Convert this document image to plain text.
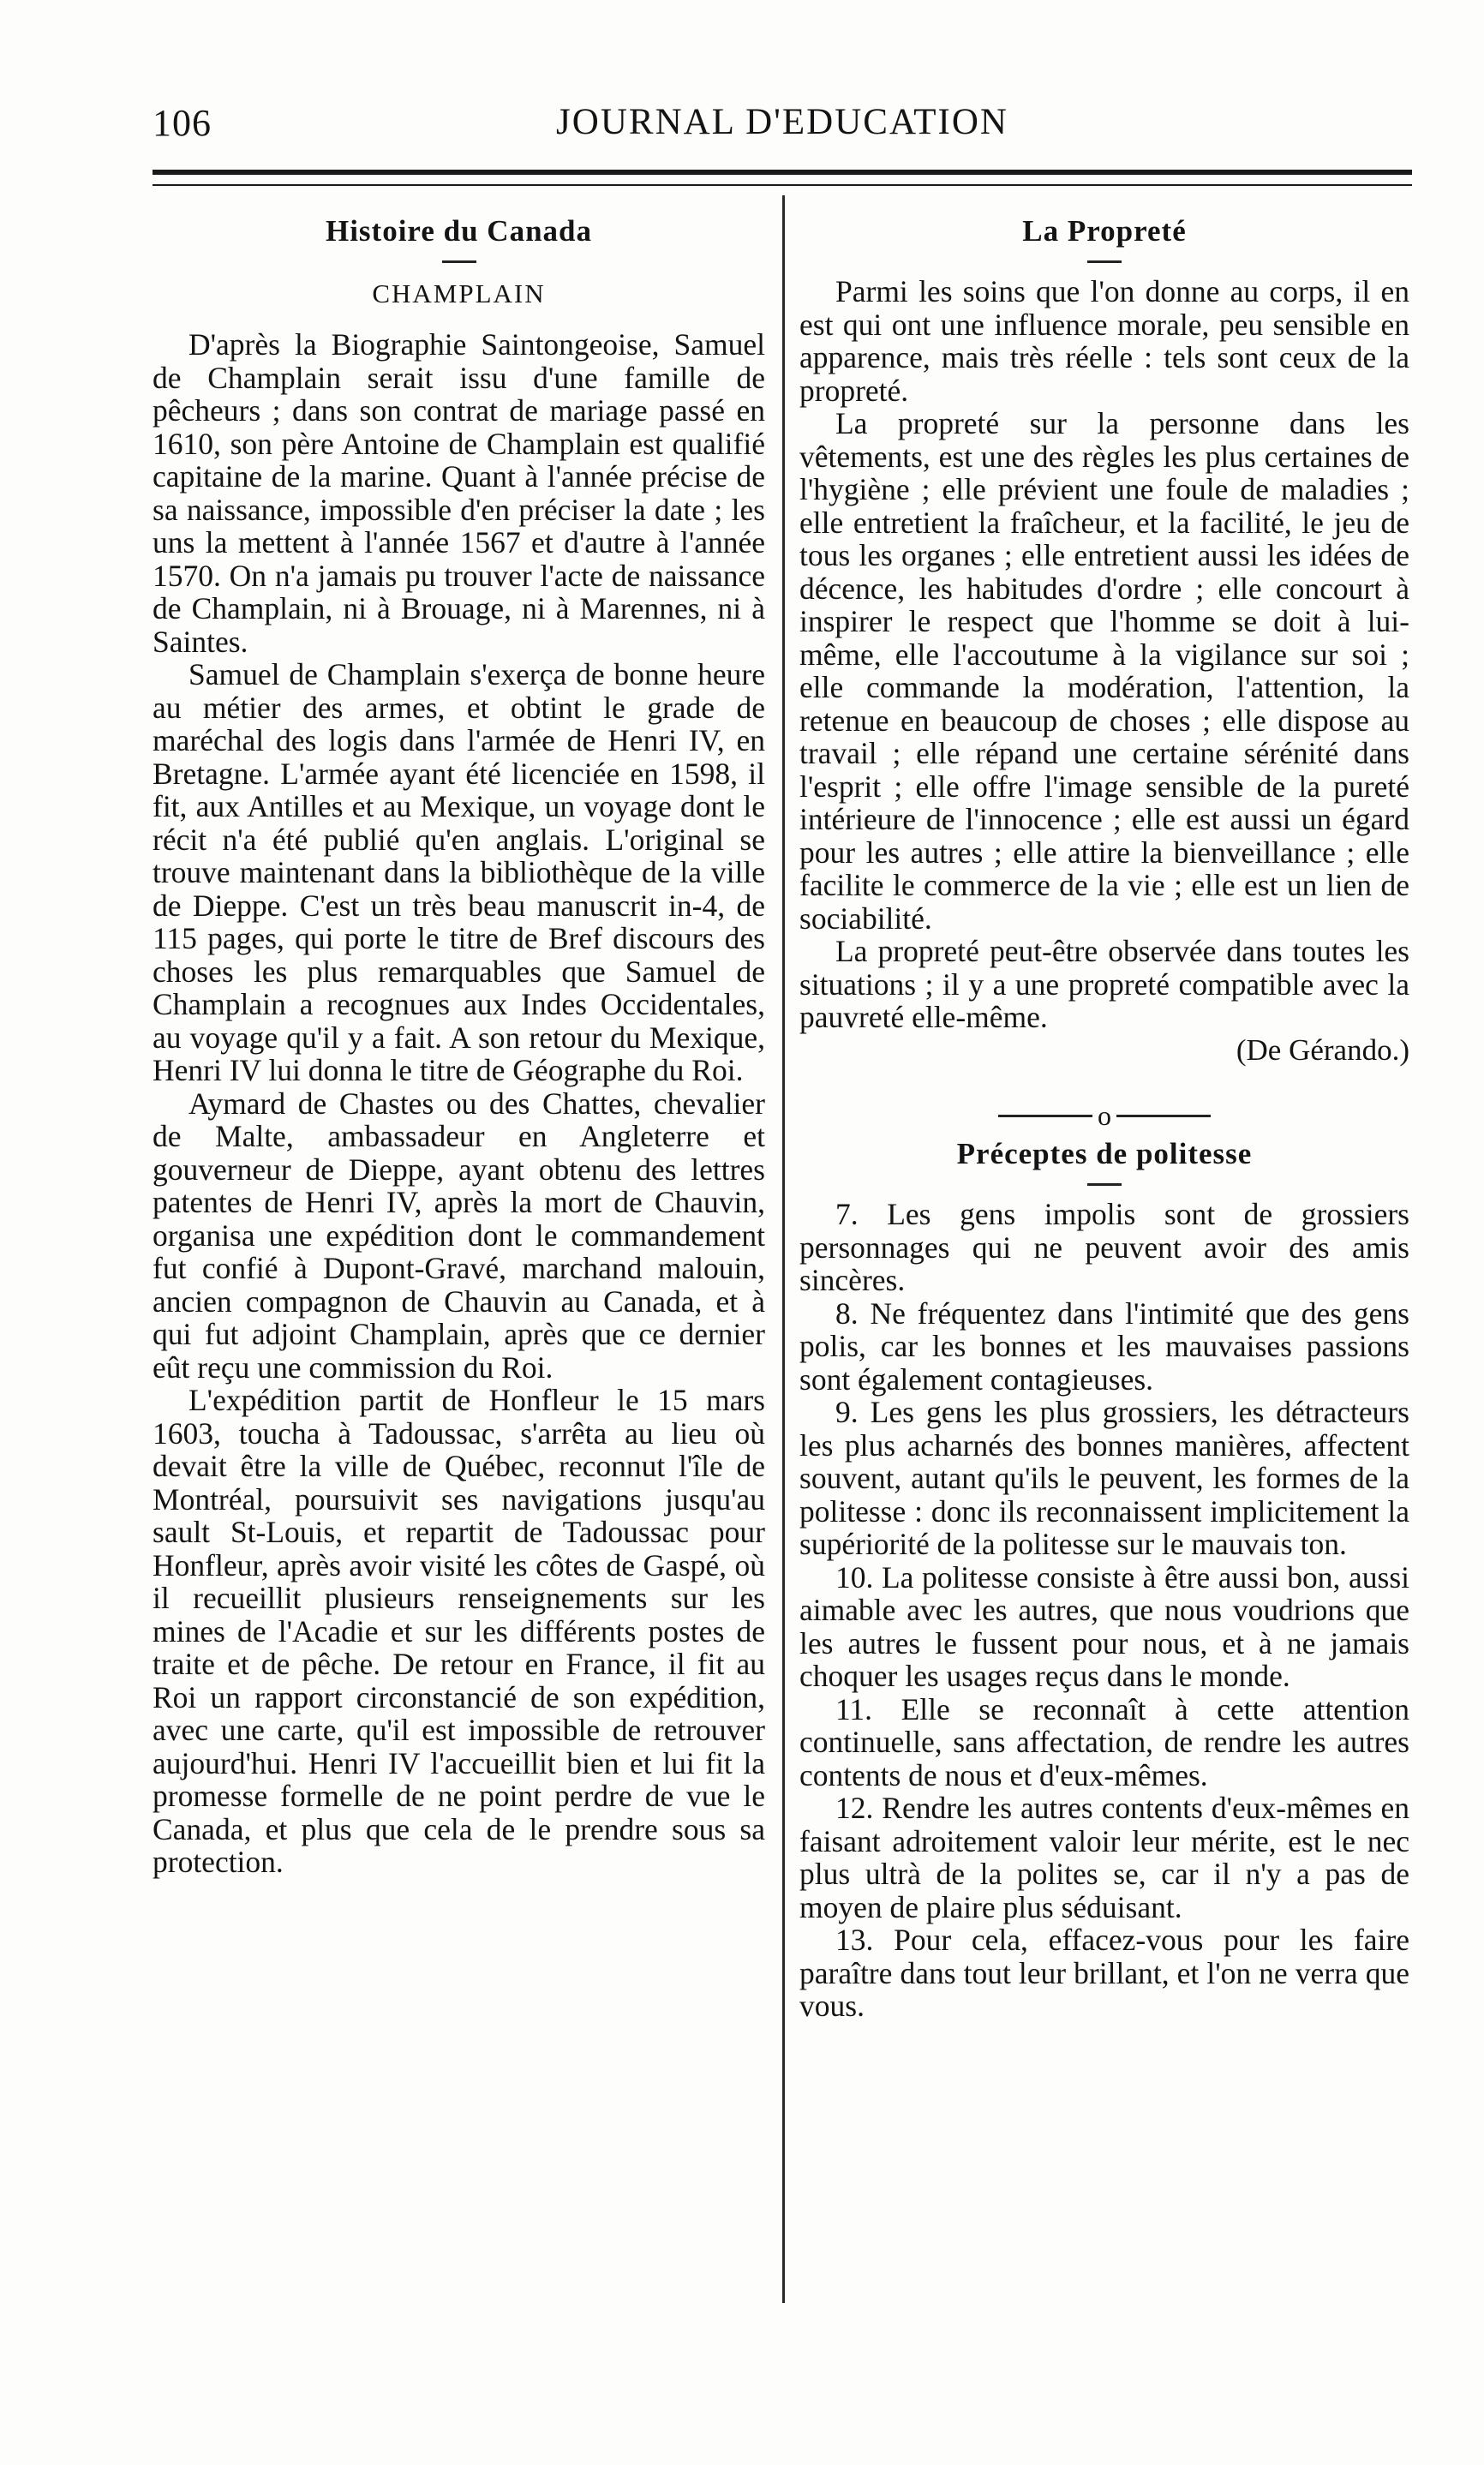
106	JOURNAL D'EDUCATION
Histoire du Canada
CHAMPLAIN

D'après la Biographie Saintongeoise, Samuel de Champlain serait issu d'une famille de pêcheurs ; dans son contrat de mariage passé en 1610, son père Antoine de Champlain est qualifié capitaine de la marine. Quant à l'année précise de sa naissance, impossible d'en préciser la date ; les uns la mettent à l'année 1567 et d'autre à l'année 1570. On n'a jamais pu trouver l'acte de naissance de Champlain, ni à Brouage, ni à Marennes, ni à Saintes.

Samuel de Champlain s'exerça de bonne heure au métier des armes, et obtint le grade de maréchal des logis dans l'armée de Henri IV, en Bretagne. L'armée ayant été licenciée en 1598, il fit, aux Antilles et au Mexique, un voyage dont le récit n'a été publié qu'en anglais. L'original se trouve maintenant dans la bibliothèque de la ville de Dieppe. C'est un très beau manuscrit in-4, de 115 pages, qui porte le titre de Bref discours des choses les plus remarquables que Samuel de Champlain a recognues aux Indes Occidentales, au voyage qu'il y a fait. A son retour du Mexique, Henri IV lui donna le titre de Géographe du Roi.

Aymard de Chastes ou des Chattes, chevalier de Malte, ambassadeur en Angleterre et gouverneur de Dieppe, ayant obtenu des lettres patentes de Henri IV, après la mort de Chauvin, organisa une expédition dont le commandement fut confié à Dupont-Gravé, marchand malouin, ancien compagnon de Chauvin au Canada, et à qui fut adjoint Champlain, après que ce dernier eût reçu une commission du Roi.

L'expédition partit de Honfleur le 15 mars 1603, toucha à Tadoussac, s'arrêta au lieu où devait être la ville de Québec, reconnut l'île de Montréal, poursuivit ses navigations jusqu'au sault St-Louis, et repartit de Tadoussac pour Honfleur, après avoir visité les côtes de Gaspé, où il recueillit plusieurs renseignements sur les mines de l'Acadie et sur les différents postes de traite et de pêche. De retour en France, il fit au Roi un rapport circonstancié de son expédition, avec une carte, qu'il est impossible de retrouver aujourd'hui. Henri IV l'accueillit bien et lui fit la promesse formelle de ne point perdre de vue le Canada, et plus que cela de le prendre sous sa protection.

La Propreté

Parmi les soins que l'on donne au corps, il en est qui ont une influence morale, peu sensible en apparence, mais très réelle : tels sont ceux de la propreté.

La propreté sur la personne dans les vêtements, est une des règles les plus certaines de l'hygiène ; elle prévient une foule de maladies ; elle entretient la fraîcheur, et la facilité, le jeu de tous les organes ; elle entretient aussi les idées de décence, les habitudes d'ordre ; elle concourt à inspirer le respect que l'homme se doit à lui-même, elle l'accoutume à la vigilance sur soi ; elle commande la modération, l'attention, la retenue en beaucoup de choses ; elle dispose au travail ; elle répand une certaine sérénité dans l'esprit ; elle offre l'image sensible de la pureté intérieure de l'innocence ; elle est aussi un égard pour les autres ; elle attire la bienveillance ; elle facilite le commerce de la vie ; elle est un lien de sociabilité.

La propreté peut-être observée dans toutes les situations ; il y a une propreté compatible avec la pauvreté elle-même.

(De Gérando.)

o
Préceptes de politesse

7. Les gens impolis sont de grossiers personnages qui ne peuvent avoir des amis sincères.

8. Ne fréquentez dans l'intimité que des gens polis, car les bonnes et les mauvaises passions sont également contagieuses.

9. Les gens les plus grossiers, les détracteurs les plus acharnés des bonnes manières, affectent souvent, autant qu'ils le peuvent, les formes de la politesse : donc ils reconnaissent implicitement la supériorité de la politesse sur le mauvais ton.

10. La politesse consiste à être aussi bon, aussi aimable avec les autres, que nous voudrions que les autres le fussent pour nous, et à ne jamais choquer les usages reçus dans le monde.

11. Elle se reconnaît à cette attention continuelle, sans affectation, de rendre les autres contents de nous et d'eux-mêmes.

12. Rendre les autres contents d'eux-mêmes en faisant adroitement valoir leur mérite, est le nec plus ultrà de la polites se, car il n'y a pas de moyen de plaire plus séduisant.

13. Pour cela, effacez-vous pour les faire paraître dans tout leur brillant, et l'on ne verra que vous.
